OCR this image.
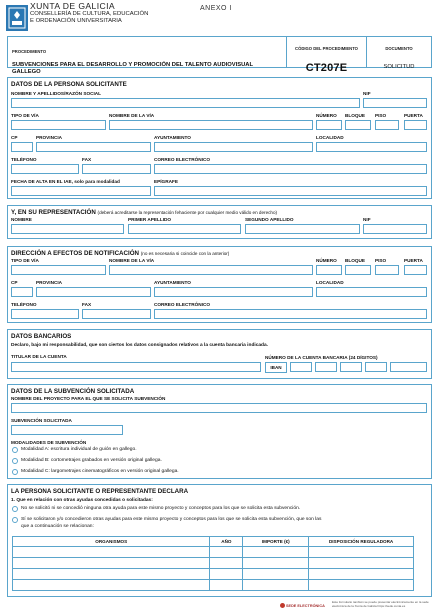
XUNTA DE GALICIA
CONSELLERÍA DE CULTURA, EDUCACIÓN
E ORDENACIÓN UNIVERSITARIA
ANEXO I
PROCEDIMENTO
SUBVENCIONES PARA EL DESARROLLO Y PROMOCIÓN DEL TALENTO AUDIOVISUAL GALLEGO
CÓDIGO DEL PROCEDIMIENTO
CT207E
DOCUMENTO
SOLICITUD
DATOS DE LA PERSONA SOLICITANTE
NOMBRE Y APELLIDOS/RAZÓN SOCIAL	NIF
TIPO DE VÍA	NOMBRE DE LA VÍA	NÚMERO BLOQUE PISO	PUERTA
CP	PROVINCIA	AYUNTAMIENTO	LOCALIDAD
TELÉFONO	FAX	CORREO ELECTRÓNICO
FECHA DE ALTA EN EL IAE, solo para modalidad	EPÍGRAFE
Y, EN SU REPRESENTACIÓN (deberá acreditarse la representación fehaciente por cualquier medio válido en derecho)
NOMBRE	PRIMER APELLIDO	SEGUNDO APELLIDO	NIF
DIRECCIÓN A EFECTOS DE NOTIFICACIÓN (no es necesaria si coincide con la anterior)
TIPO DE VÍA	NOMBRE DE LA VÍA	NÚMERO BLOQUE PISO	PUERTA
CP	PROVINCIA	AYUNTAMIENTO	LOCALIDAD
TELÉFONO	FAX	CORREO ELECTRÓNICO
DATOS BANCARIOS
Declaro, bajo mi responsabilidad, que son ciertos los datos consignados relativos a la cuenta bancaria indicada.
TITULAR DE LA CUENTA	NÚMERO DE LA CUENTA BANCARIA (24 DÍGITOS)
IBAN
DATOS DE LA SUBVENCIÓN SOLICITADA
NOMBRE DEL PROYECTO PARA EL QUE SE SOLICITA SUBVENCIÓN
SUBVENCIÓN SOLICITADA
MODALIDADES DE SUBVENCIÓN
Modalidad A: escritura individual de guión en gallego.
Modalidad B: cortometrajes grabados en versión original gallega.
Modalidad C: largometrajes cinematográficos en versión original gallega.
LA PERSONA SOLICITANTE O REPRESENTANTE DECLARA
1. Que en relación con otras ayudas concedidas o solicitadas:
No se solicitó ni se concedió ninguna otra ayuda para este mismo proyecto y conceptos para los que se solicita esta subvención.
Sí se solicitaron y/o concedieron otras ayudas para este mismo proyecto y conceptos para los que se solicita esta subvención, que son las
que a continuación se relacionan:
ORGANISMOS	AÑO	IMPORTE (€)	DISPOSICIÓN REGULADORA

SEDE ELECTRÓNICA
Este formulario también se puede presentar electrónicamente en la sede electrónica de la Xunta de Galicia https://sede.xunta.es
